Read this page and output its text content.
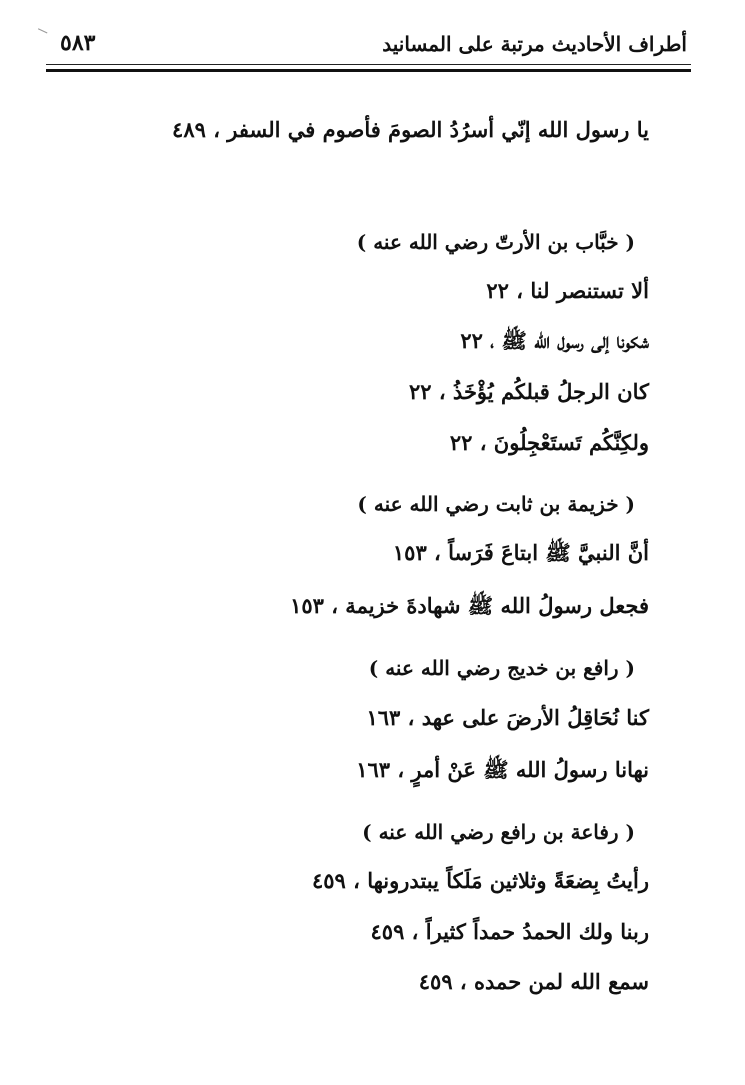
٥٨٣	أطراف الأحاديث مرتبة على المسانيد
يا رسول الله إنّي أسرُدُ الصومَ فأصوم في السفر ، ٤٨٩
( خبَّاب بن الأرتّ رضي الله عنه )
ألا تستنصر لنا ، ٢٢
شكونا إلى رسول الله ﷺ ، ٢٢
كان الرجلُ قبلكُم يُؤْخَذُ ، ٢٢
ولكِنَّكُم تَستَعْجِلُونَ ، ٢٢
( خزيمة بن ثابت رضي الله عنه )
أنَّ النبيَّ ﷺ ابتاعَ فَرَساً ، ١٥٣
فجعل رسولُ الله ﷺ شهادةَ خزيمة ، ١٥٣
( رافع بن خديج رضي الله عنه )
كنا نُحَاقِلُ الأرضَ على عهد ، ١٦٣
نهانا رسولُ الله ﷺ عَنْ أمرٍ ، ١٦٣
( رفاعة بن رافع رضي الله عنه )
رأيتُ بِضعَةً وثلاثين مَلَكاً يبتدرونها ، ٤٥٩
ربنا ولك الحمدُ حمداً كثيراً ، ٤٥٩
سمع الله لمن حمده ، ٤٥٩
